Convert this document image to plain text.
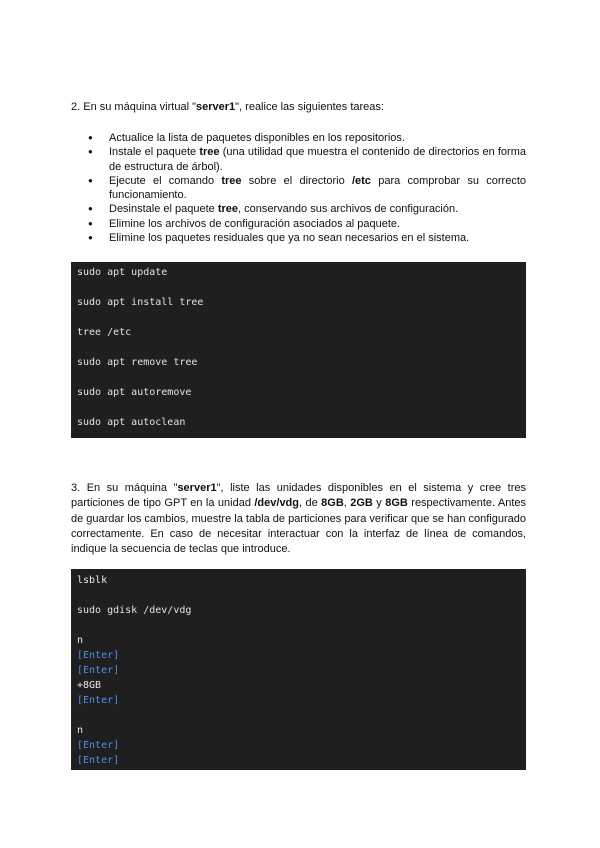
2. En su máquina virtual "server1", realice las siguientes tareas:
● Actualice la lista de paquetes disponibles en los repositorios.
● Instale el paquete tree (una utilidad que muestra el contenido de directorios en forma de estructura de árbol).
● Ejecute el comando tree sobre el directorio /etc para comprobar su correcto funcionamiento.
● Desinstale el paquete tree, conservando sus archivos de configuración.
● Elimine los archivos de configuración asociados al paquete.
● Elimine los paquetes residuales que ya no sean necesarios en el sistema.
sudo apt update
sudo apt install tree
tree /etc
sudo apt remove tree
sudo apt autoremove
sudo apt autoclean
3. En su máquina "server1", liste las unidades disponibles en el sistema y cree tres particiones de tipo GPT en la unidad /dev/vdg, de 8GB, 2GB y 8GB respectivamente. Antes de guardar los cambios, muestre la tabla de particiones para verificar que se han configurado correctamente. En caso de necesitar interactuar con la interfaz de línea de comandos, indique la secuencia de teclas que introduce.
lsblk
sudo gdisk /dev/vdg
n
[Enter]
[Enter]
+8GB
[Enter]
n
[Enter]
[Enter]
